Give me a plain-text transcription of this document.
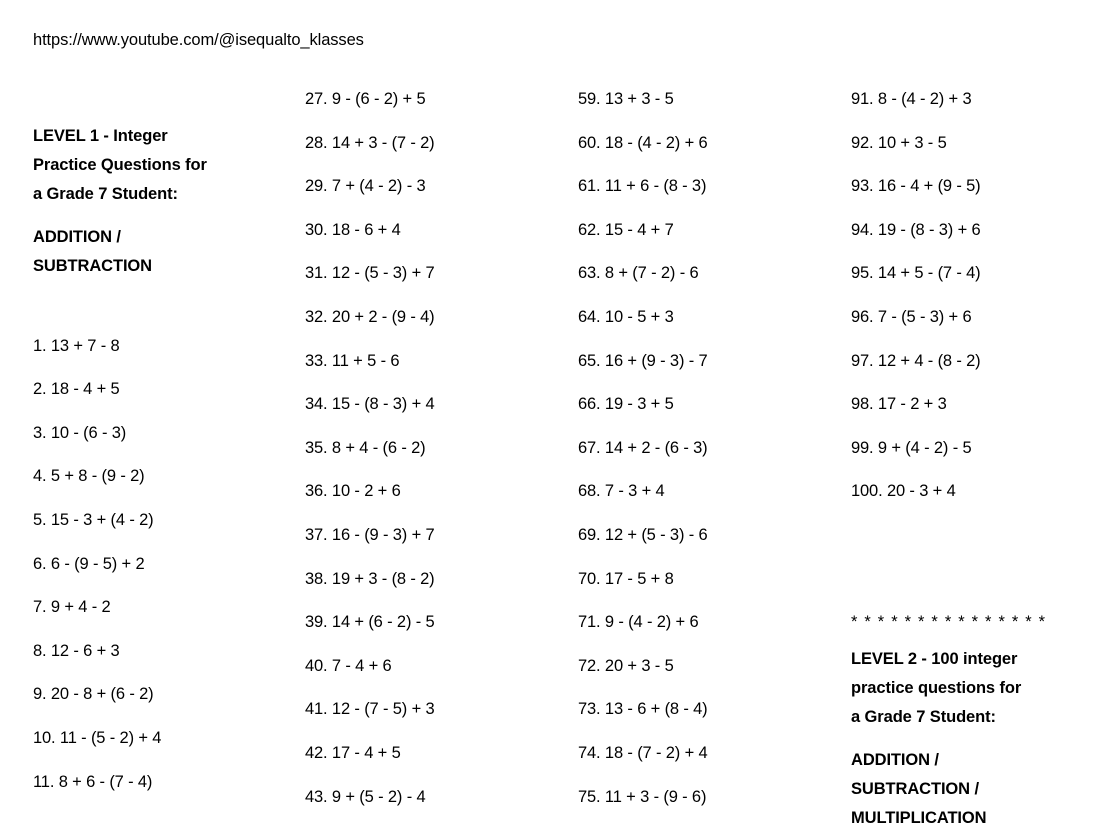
https://www.youtube.com/@isequalto_klasses
LEVEL 1 - Integer
Practice Questions for
a Grade 7 Student:
ADDITION /
SUBTRACTION
1. 13 + 7 - 8
2. 18 - 4 + 5
3. 10 - (6 - 3)
4. 5 + 8 - (9 - 2)
5. 15 - 3 + (4 - 2)
6. 6 - (9 - 5) + 2
7. 9 + 4 - 2
8. 12 - 6 + 3
9. 20 - 8 + (6 - 2)
10. 11 - (5 - 2) + 4
11. 8 + 6 - (7 - 4)
27. 9 - (6 - 2) + 5
28. 14 + 3 - (7 - 2)
29. 7 + (4 - 2) - 3
30. 18 - 6 + 4
31. 12 - (5 - 3) + 7
32. 20 + 2 - (9 - 4)
33. 11 + 5 - 6
34. 15 - (8 - 3) + 4
35. 8 + 4 - (6 - 2)
36. 10 - 2 + 6
37. 16 - (9 - 3) + 7
38. 19 + 3 - (8 - 2)
39. 14 + (6 - 2) - 5
40. 7 - 4 + 6
41. 12 - (7 - 5) + 3
42. 17 - 4 + 5
43. 9 + (5 - 2) - 4
59. 13 + 3 - 5
60. 18 - (4 - 2) + 6
61. 11 + 6 - (8 - 3)
62. 15 - 4 + 7
63. 8 + (7 - 2) - 6
64. 10 - 5 + 3
65. 16 + (9 - 3) - 7
66. 19 - 3 + 5
67. 14 + 2 - (6 - 3)
68. 7 - 3 + 4
69. 12 + (5 - 3) - 6
70. 17 - 5 + 8
71. 9 - (4 - 2) + 6
72. 20 + 3 - 5
73. 13 - 6 + (8 - 4)
74. 18 - (7 - 2) + 4
75. 11 + 3 - (9 - 6)
91. 8 - (4 - 2) + 3
92. 10 + 3 - 5
93. 16 - 4 + (9 - 5)
94. 19 - (8 - 3) + 6
95. 14 + 5 - (7 - 4)
96. 7 - (5 - 3) + 6
97. 12 + 4 - (8 - 2)
98. 17 - 2 + 3
99. 9 + (4 - 2) - 5
100. 20 - 3 + 4
* * * * * * * * * * * * * * *
LEVEL 2 - 100 integer
practice questions for
a Grade 7 Student:
ADDITION /
SUBTRACTION /
MULTIPLICATION
